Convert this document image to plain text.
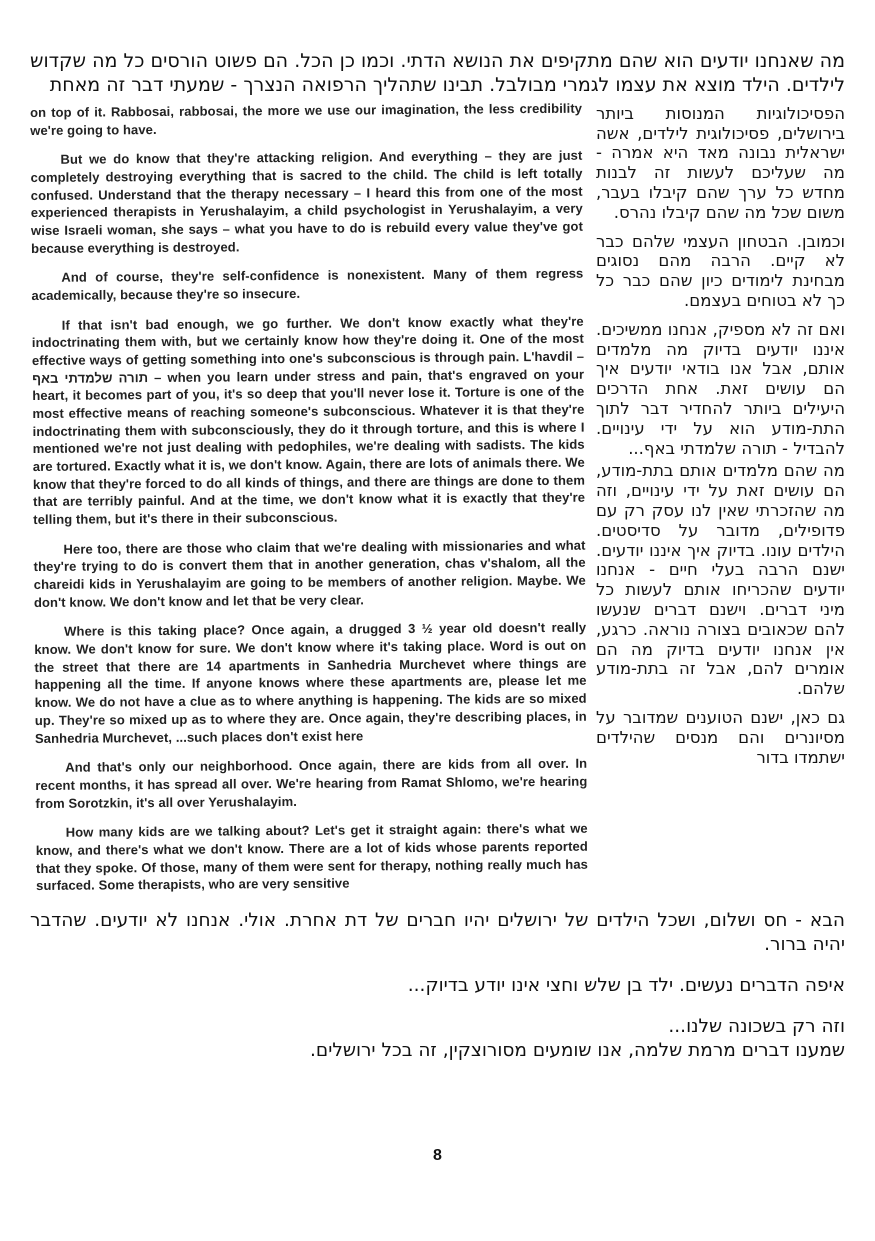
מה שאנחנו יודעים הוא שהם מתקיפים את הנושא הדתי. וכמו כן הכל. הם פשוט הורסים כל מה שקדוש לילדים. הילד מוצא את עצמו לגמרי מבולבל. תבינו שתהליך הרפואה הנצרך - שמעתי דבר זה מאחת

on top of it. Rabbosai, rabbosai, the more we use our imagination, the less credibility we're going to have.

But we do know that they're attacking religion. And everything – they are just completely destroying everything that is sacred to the child. The child is left totally confused. Understand that the therapy necessary – I heard this from one of the most experienced therapists in Yerushalayim, a child psychologist in Yerushalayim, a very wise Israeli woman, she says – what you have to do is rebuild every value they've got because everything is destroyed.

And of course, they're self-confidence is nonexistent. Many of them regress academically, because they're so insecure.

If that isn't bad enough, we go further. We don't know exactly what they're indoctrinating them with, but we certainly know how they're doing it. One of the most effective ways of getting something into one's subconscious is through pain. L'havdil – תורה שלמדתי באף – when you learn under stress and pain, that's engraved on your heart, it becomes part of you, it's so deep that you'll never lose it. Torture is one of the most effective means of reaching someone's subconscious. Whatever it is that they're indoctrinating them with subconsciously, they do it through torture, and this is where I mentioned we're not just dealing with pedophiles, we're dealing with sadists. The kids are tortured. Exactly what it is, we don't know. Again, there are lots of animals there. We know that they're forced to do all kinds of things, and there are things are done to them that are terribly painful. And at the time, we don't know what it is exactly that they're telling them, but it's there in their subconscious.

Here too, there are those who claim that we're dealing with missionaries and what they're trying to do is convert them that in another generation, chas v'shalom, all the chareidi kids in Yerushalayim are going to be members of another religion. Maybe. We don't know. We don't know and let that be very clear.

Where is this taking place? Once again, a drugged 3 ½ year old doesn't really know. We don't know for sure. We don't know where it's taking place. Word is out on the street that there are 14 apartments in Sanhedria Murchevet where things are happening all the time. If anyone knows where these apartments are, please let me know. We do not have a clue as to where anything is happening. The kids are so mixed up. They're so mixed up as to where they are. Once again, they're describing places, in Sanhedria Murchevet, ...such places don't exist here

And that's only our neighborhood. Once again, there are kids from all over. In recent months, it has spread all over. We're hearing from Ramat Shlomo, we're hearing from Sorotzkin, it's all over Yerushalayim.

How many kids are we talking about? Let's get it straight again: there's what we know, and there's what we don't know. There are a lot of kids whose parents reported that they spoke. Of those, many of them were sent for therapy, nothing really much has surfaced. Some therapists, who are very sensitive

הפסיכולוגיות המנוסות ביותר בירושלים, פסיכולוגית לילדים, אשה ישראלית נבונה מאד היא אמרה - מה שעליכם לעשות זה לבנות מחדש כל ערך שהם קיבלו בעבר, משום שכל מה שהם קיבלו נהרס.

וכמובן. הבטחון העצמי שלהם כבר לא קיים. הרבה מהם נסוגים מבחינת לימודים כיון שהם כבר כל כך לא בטוחים בעצמם.

ואם זה לא מספיק, אנחנו ממשיכים. איננו יודעים בדיוק מה מלמדים אותם, אבל אנו בודאי יודעים איך הם עושים זאת. אחת הדרכים היעילים ביותר להחדיר דבר לתוך התת-מודע הוא על ידי עינויים. להבדיל - תורה שלמדתי באף...

מה שהם מלמדים אותם בתת-מודע, הם עושים זאת על ידי עינויים, וזה מה שהזכרתי שאין לנו עסק רק עם פדופילים, מדובר על סדיסטים. הילדים עונו. בדיוק איך איננו יודעים. ישנם הרבה בעלי חיים - אנחנו יודעים שהכריחו אותם לעשות כל מיני דברים. וישנם דברים שנעשו להם שכאובים בצורה נוראה. כרגע, אין אנחנו יודעים בדיוק מה הם אומרים להם, אבל זה בתת-מודע שלהם.

גם כאן, ישנם הטוענים שמדובר על מסיונרים והם מנסים שהילדים ישתמדו בדור

הבא - חס ושלום, ושכל הילדים של ירושלים יהיו חברים של דת אחרת. אולי. אנחנו לא יודעים. שהדבר יהיה ברור.

איפה הדברים נעשים. ילד בן שלש וחצי אינו יודע בדיוק...

וזה רק בשכונה שלנו...

שמענו דברים מרמת שלמה, אנו שומעים מסורוצקין, זה בכל ירושלים.

8
